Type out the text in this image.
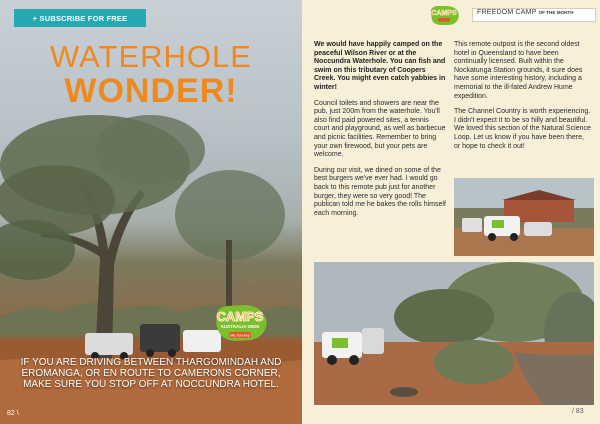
+ SUBSCRIBE FOR FREE
WATERHOLE
WONDER!
CAMPS
AUSTRALIA WIDE
My Journey
IF YOU ARE DRIVING BETWEEN THARGOMINDAH AND EROMANGA, OR EN ROUTE TO CAMERONS CORNER, MAKE SURE YOU STOP OFF AT NOCCUNDRA HOTEL.
82 \
CAMPS	FREEDOM CAMP OF THE MONTH

We would have happily camped on the peaceful Wilson River or at the Noccundra Waterhole. You can fish and swim on this tributary of Coopers Creek. You might even catch yabbies in winter!

Council toilets and showers are near the pub, just 200m from the waterhole. You'll also find paid powered sites, a tennis court and playground, as well as barbecue and picnic facilities. Remember to bring your own firewood, but your pets are welcome.

During our visit, we dined on some of the best burgers we've ever had. I would go back to this remote pub just for another burger, they were so very good! The publican told me he bakes the rolls himself each morning.

This remote outpost is the second oldest hotel in Queensland to have been continually licensed. Built within the Nockatunga Station grounds, it sure does have some interesting history, including a memorial to the ill-fated Andrew Hume expedition.

The Channel Country is worth experiencing. I didn't expect it to be so hilly and beautiful. We loved this section of the Natural Science Loop. Let us know if you have been there, or hope to check it out!

/ 83
